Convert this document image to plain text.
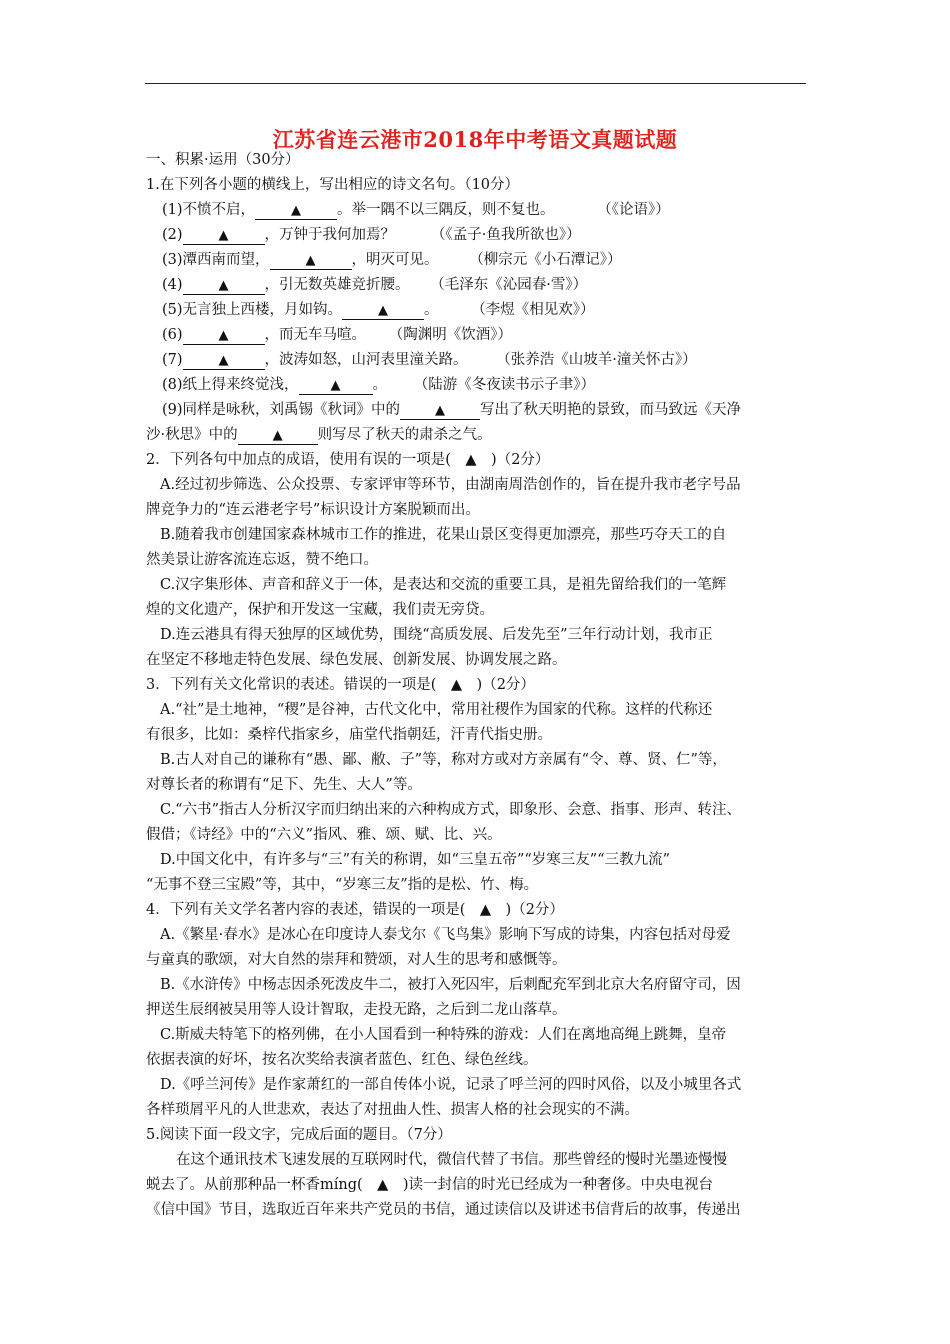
江苏省连云港市2018年中考语文真题试题
一、积累·运用（30分）
1.在下列各小题的横线上，写出相应的诗文名句。（10分）
(1)不愤不启，	▲ 。举一隅不以三隅反，则不复也。	（《论语》）
(2)	▲ ，万钟于我何加焉？ （《孟子·鱼我所欲也》）
(3)潭西南而望，	▲ ，明灭可见。	（柳宗元《小石潭记》）
(4)	▲ ，引无数英雄竞折腰。 （毛泽东《沁园春·雪》）
(5)无言独上西楼，月如钩。	▲ 。	（李煜《相见欢》）
(6)	▲ ，而无车马喧。 （陶渊明《饮酒》）
(7)	▲ ，波涛如怒，山河表里潼关路。 （张养浩《山坡羊·潼关怀古》）
(8)纸上得来终觉浅， ▲ 。 （陆游《冬夜读书示子聿》）
(9)同样是咏秋，刘禹锡《秋词》中的	▲ 写出了秋天明艳的景致，而马致远《天净
沙·秋思》中的	▲ 则写尽了秋天的肃杀之气。
2．下列各句中加点的成语，使用有误的一项是(　▲　)（2分）
A.经过初步筛选、公众投票、专家评审等环节，由湖南周浩创作的，旨在提升我市老字号品
牌竞争力的“连云港老字号”标识设计方案脱颖而出。
B.随着我市创建国家森林城市工作的推进，花果山景区变得更加漂亮，那些巧夺天工的自
然美景让游客流连忘返，赞不绝口。
C.汉字集形体、声音和辞义于一体，是表达和交流的重要工具，是祖先留给我们的一笔辉
煌的文化遗产，保护和开发这一宝藏，我们责无旁贷。
D.连云港具有得天独厚的区域优势，围绕“高质发展、后发先至”三年行动计划，我市正
在坚定不移地走特色发展、绿色发展、创新发展、协调发展之路。
3．下列有关文化常识的表述。错误的一项是(　▲　)（2分）
A.“社”是土地神，“稷”是谷神，古代文化中，常用社稷作为国家的代称。这样的代称还
有很多，比如：桑梓代指家乡，庙堂代指朝廷，汗青代指史册。
B.古人对自己的谦称有“愚、鄙、敝、子”等，称对方或对方亲属有“令、尊、贤、仁”等，
对尊长者的称谓有“足下、先生、大人”等。
C.“六书”指古人分析汉字而归纳出来的六种构成方式，即象形、会意、指事、形声、转注、
假借；《诗经》中的“六义”指风、雅、颂、赋、比、兴。
D.中国文化中，有许多与“三”有关的称谓，如“三皇五帝”“岁寒三友”“三教九流”
“无事不登三宝殿”等，其中，“岁寒三友”指的是松、竹、梅。
4．下列有关文学名著内容的表述，错误的一项是(　▲　)（2分）
A.《繁星·春水》是冰心在印度诗人泰戈尔《飞鸟集》影响下写成的诗集，内容包括对母爱
与童真的歌颂，对大自然的崇拜和赞颂，对人生的思考和感慨等。
B.《水浒传》中杨志因杀死泼皮牛二，被打入死囚牢，后刺配充军到北京大名府留守司，因
押送生辰纲被吴用等人设计智取，走投无路，之后到二龙山落草。
C.斯威夫特笔下的格列佛，在小人国看到一种特殊的游戏：人们在离地高绳上跳舞，皇帝
依据表演的好坏，按名次奖给表演者蓝色、红色、绿色丝线。
D.《呼兰河传》是作家萧红的一部自传体小说，记录了呼兰河的四时风俗，以及小城里各式
各样琐屑平凡的人世悲欢，表达了对扭曲人性、损害人格的社会现实的不满。
5.阅读下面一段文字，完成后面的题目。（7分）
在这个通讯技术飞速发展的互联网时代，微信代替了书信。那些曾经的慢时光墨迹慢慢
蜕去了。从前那种品一杯香míng(　▲　)读一封信的时光已经成为一种奢侈。中央电视台
《信中国》节目，选取近百年来共产党员的书信，通过读信以及讲述书信背后的故事，传递出
